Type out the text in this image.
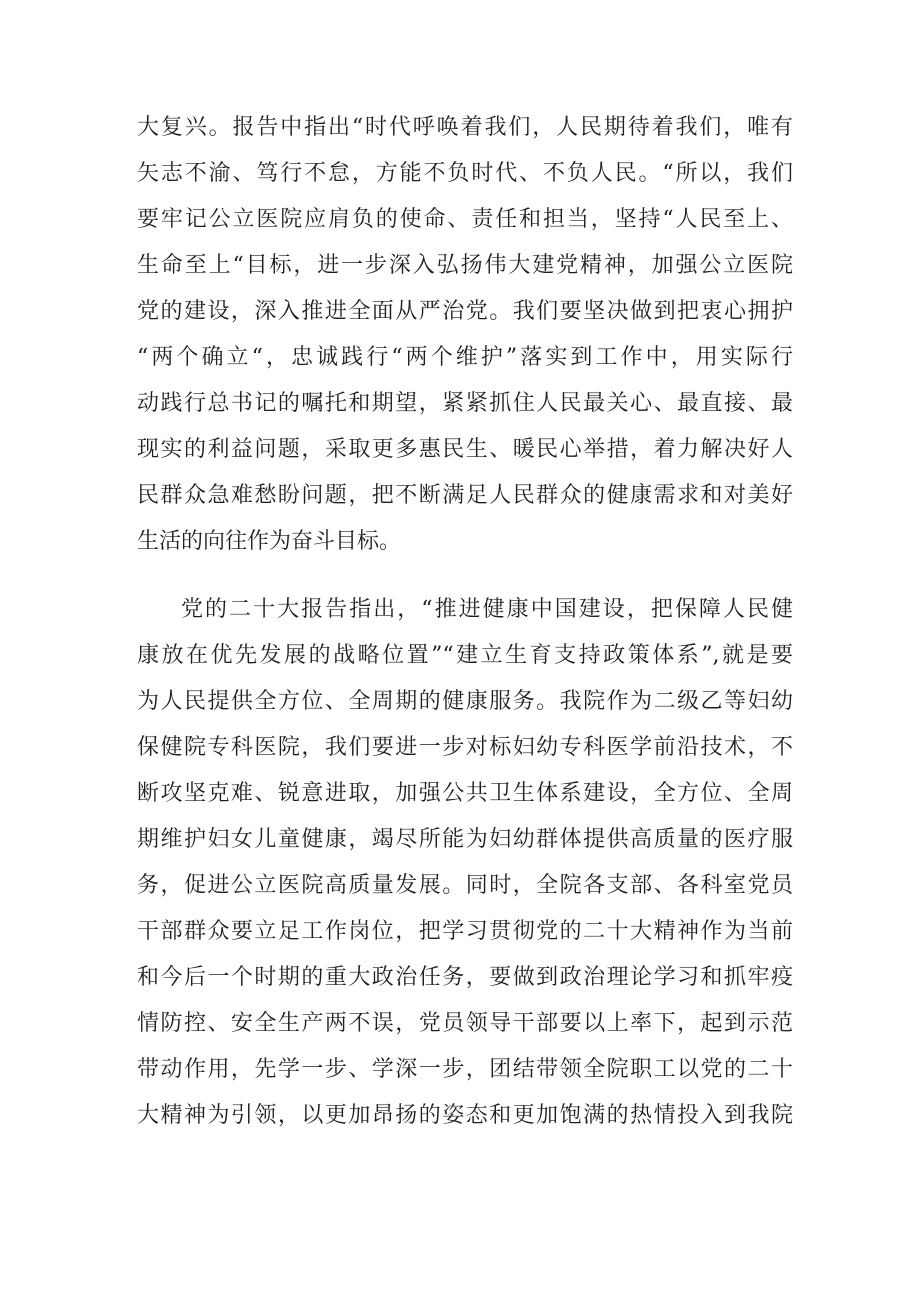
大复兴。报告中指出“时代呼唤着我们，人民期待着我们，唯有
矢志不渝、笃行不怠，方能不负时代、不负人民。“所以，我们
要牢记公立医院应肩负的使命、责任和担当，坚持“人民至上、
生命至上“目标，进一步深入弘扬伟大建党精神，加强公立医院
党的建设，深入推进全面从严治党。我们要坚决做到把衷心拥护
“两个确立“，忠诚践行“两个维护”落实到工作中，用实际行
动践行总书记的嘱托和期望，紧紧抓住人民最关心、最直接、最
现实的利益问题，采取更多惠民生、暖民心举措，着力解决好人
民群众急难愁盼问题，把不断满足人民群众的健康需求和对美好
生活的向往作为奋斗目标。
党的二十大报告指出，“推进健康中国建设，把保障人民健
康放在优先发展的战略位置”“建立生育支持政策体系”,就是要
为人民提供全方位、全周期的健康服务。我院作为二级乙等妇幼
保健院专科医院，我们要进一步对标妇幼专科医学前沿技术，不
断攻坚克难、锐意进取，加强公共卫生体系建设，全方位、全周
期维护妇女儿童健康，竭尽所能为妇幼群体提供高质量的医疗服
务，促进公立医院高质量发展。同时，全院各支部、各科室党员
干部群众要立足工作岗位，把学习贯彻党的二十大精神作为当前
和今后一个时期的重大政治任务，要做到政治理论学习和抓牢疫
情防控、安全生产两不误，党员领导干部要以上率下，起到示范
带动作用，先学一步、学深一步，团结带领全院职工以党的二十
大精神为引领，以更加昂扬的姿态和更加饱满的热情投入到我院
